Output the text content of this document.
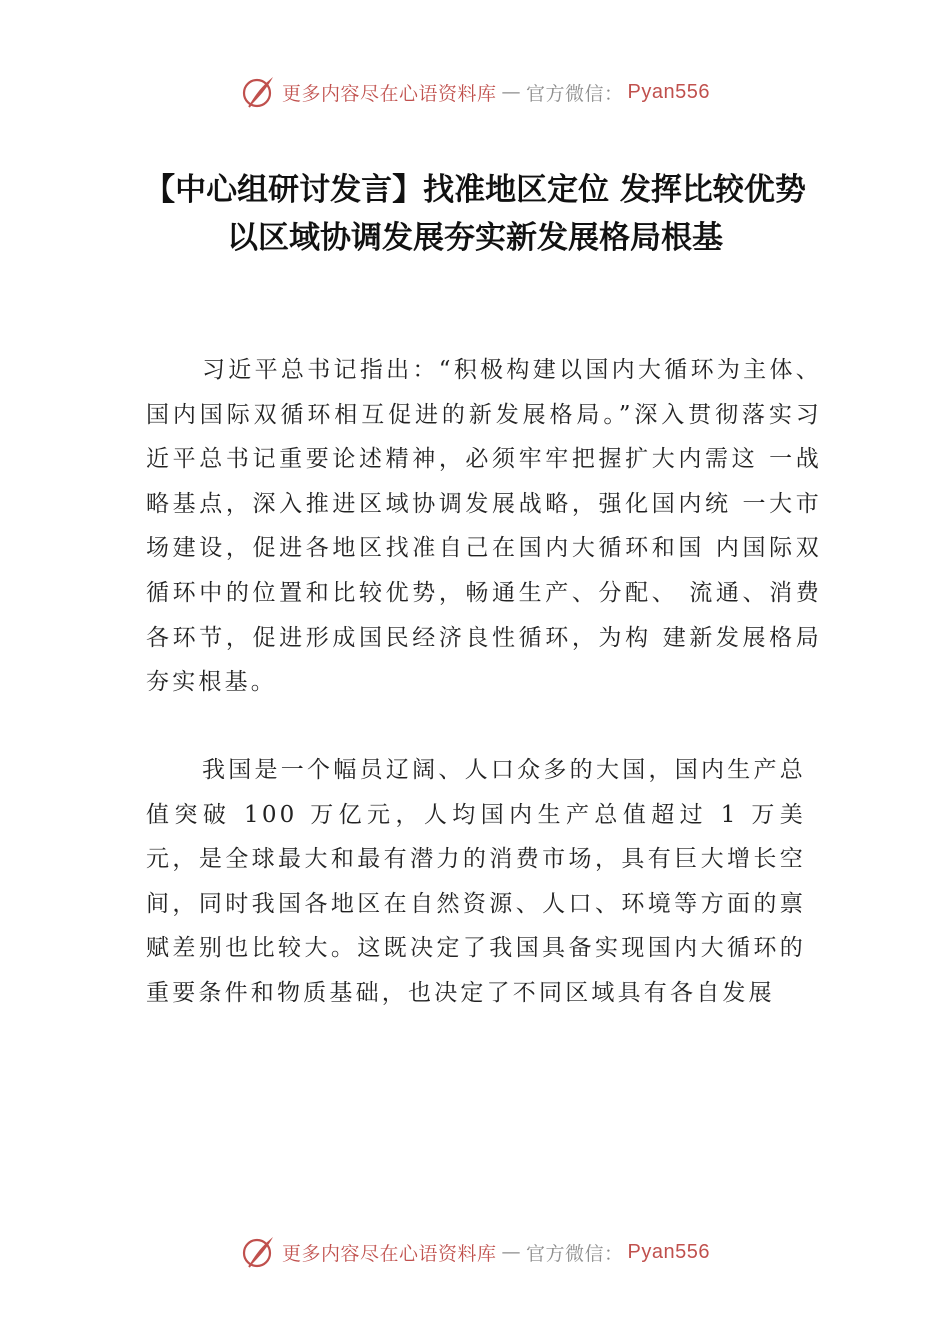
更多内容尽在心语资料库 — 官方微信： Pyan556
【中心组研讨发言】找准地区定位 发挥比较优势以区域协调发展夯实新发展格局根基

习近平总书记指出：“积极构建以国内大循环为主体、国内国际双循环相互促进的新发展格局。”深入贯彻落实习近平总书记重要论述精神，必须牢牢把握扩大内需这 一战略基点，深入推进区域协调发展战略，强化国内统 一大市场建设，促进各地区找准自己在国内大循环和国 内国际双循环中的位置和比较优势，畅通生产、分配、 流通、消费各环节，促进形成国民经济良性循环，为构 建新发展格局夯实根基。

我国是一个幅员辽阔、人口众多的大国，国内生产总值突破 100 万亿元，人均国内生产总值超过 1 万美元，是全球最大和最有潜力的消费市场，具有巨大增长空间，同时我国各地区在自然资源、人口、环境等方面的禀赋差别也比较大。这既决定了我国具备实现国内大循环的重要条件和物质基础，也决定了不同区域具有各自发展

更多内容尽在心语资料库 — 官方微信： Pyan556
